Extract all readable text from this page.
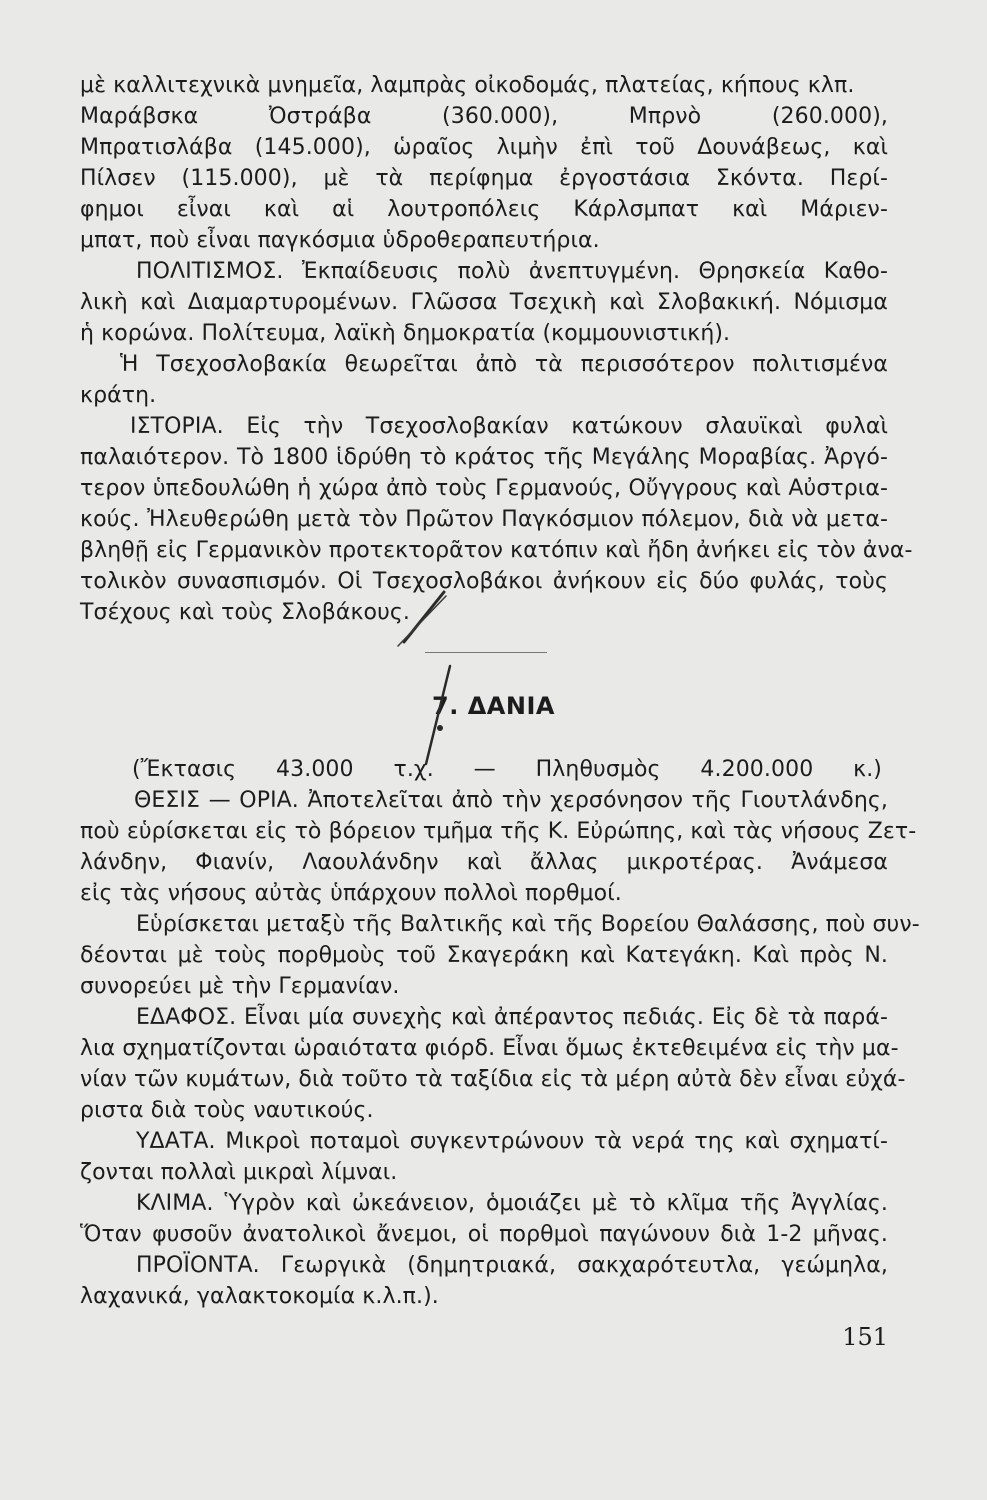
μὲ καλλιτεχνικὰ μνημεῖα, λαμπρὰς οἰκοδομάς, πλατείας, κήπους κλπ.
Μαράβσκα Ὀστράβα (360.000), Μπρνὸ (260.000),
Μπρατισλάβα (145.000), ὡραῖος λιμὴν ἐπὶ τοῦ Δουνάβεως, καὶ
Πίλσεν (115.000), μὲ τὰ περίφημα ἐργοστάσια Σκόντα. Περί-
φημοι εἶναι καὶ αἱ λουτροπόλεις Κάρλσμπατ καὶ Μάριεν-
μπατ, ποὺ εἶναι παγκόσμια ὑδροθεραπευτήρια.
ΠΟΛΙΤΙΣΜΟΣ. Ἐκπαίδευσις πολὺ ἀνεπτυγμένη. Θρησκεία Καθο-
λικὴ καὶ Διαμαρτυρομένων. Γλῶσσα Τσεχικὴ καὶ Σλοβακική. Νόμισμα
ἡ κορώνα. Πολίτευμα, λαϊκὴ δημοκρατία (κομμουνιστική).
Ἡ Τσεχοσλοβακία θεωρεῖται ἀπὸ τὰ περισσότερον πολιτισμένα
κράτη.
ΙΣΤΟΡΙΑ. Εἰς τὴν Τσεχοσλοβακίαν κατώκουν σλαυϊκαὶ φυλαὶ
παλαιότερον. Τὸ 1800 ἱδρύθη τὸ κράτος τῆς Μεγάλης Μοραβίας. Ἀργό-
τερον ὑπεδουλώθη ἡ χώρα ἀπὸ τοὺς Γερμανούς, Οὔγγρους καὶ Αὐστρια-
κούς. Ἠλευθερώθη μετὰ τὸν Πρῶτον Παγκόσμιον πόλεμον, διὰ νὰ μετα-
βληθῇ εἰς Γερμανικὸν προτεκτορᾶτον κατόπιν καὶ ἤδη ἀνήκει εἰς τὸν ἀνα-
τολικὸν συνασπισμόν. Οἱ Τσεχοσλοβάκοι ἀνήκουν εἰς δύο φυλάς, τοὺς
Τσέχους καὶ τοὺς Σλοβάκους.
7. ΔΑΝΙΑ
(Ἔκτασις 43.000 τ.χ. — Πληθυσμὸς 4.200.000 κ.)
ΘΕΣΙΣ — ΟΡΙΑ. Ἀποτελεῖται ἀπὸ τὴν χερσόνησον τῆς Γιουτλάνδης,
ποὺ εὑρίσκεται εἰς τὸ βόρειον τμῆμα τῆς Κ. Εὐρώπης, καὶ τὰς νήσους Ζετ-
λάνδην, Φιανίν, Λαουλάνδην καὶ ἄλλας μικροτέρας. Ἀνάμεσα
εἰς τὰς νήσους αὐτὰς ὑπάρχουν πολλοὶ πορθμοί.
Εὑρίσκεται μεταξὺ τῆς Βαλτικῆς καὶ τῆς Βορείου Θαλάσσης, ποὺ συν-
δέονται μὲ τοὺς πορθμοὺς τοῦ Σκαγεράκη καὶ Κατεγάκη. Καὶ πρὸς Ν.
συνορεύει μὲ τὴν Γερμανίαν.
ΕΔΑΦΟΣ. Εἶναι μία συνεχὴς καὶ ἀπέραντος πεδιάς. Εἰς δὲ τὰ παρά-
λια σχηματίζονται ὡραιότατα φιόρδ. Εἶναι ὅμως ἐκτεθειμένα εἰς τὴν μα-
νίαν τῶν κυμάτων, διὰ τοῦτο τὰ ταξίδια εἰς τὰ μέρη αὐτὰ δὲν εἶναι εὐχά-
ριστα διὰ τοὺς ναυτικούς.
ΥΔΑΤΑ. Μικροὶ ποταμοὶ συγκεντρώνουν τὰ νερά της καὶ σχηματί-
ζονται πολλαὶ μικραὶ λίμναι.
ΚΛΙΜΑ. Ὑγρὸν καὶ ὠκεάνειον, ὁμοιάζει μὲ τὸ κλῖμα τῆς Ἀγγλίας.
Ὅταν φυσοῦν ἀνατολικοὶ ἄνεμοι, οἱ πορθμοὶ παγώνουν διὰ 1-2 μῆνας.
ΠΡΟΪΟΝΤΑ. Γεωργικὰ (δημητριακά, σακχαρότευτλα, γεώμηλα,
λαχανικά, γαλακτοκομία κ.λ.π.).
151
